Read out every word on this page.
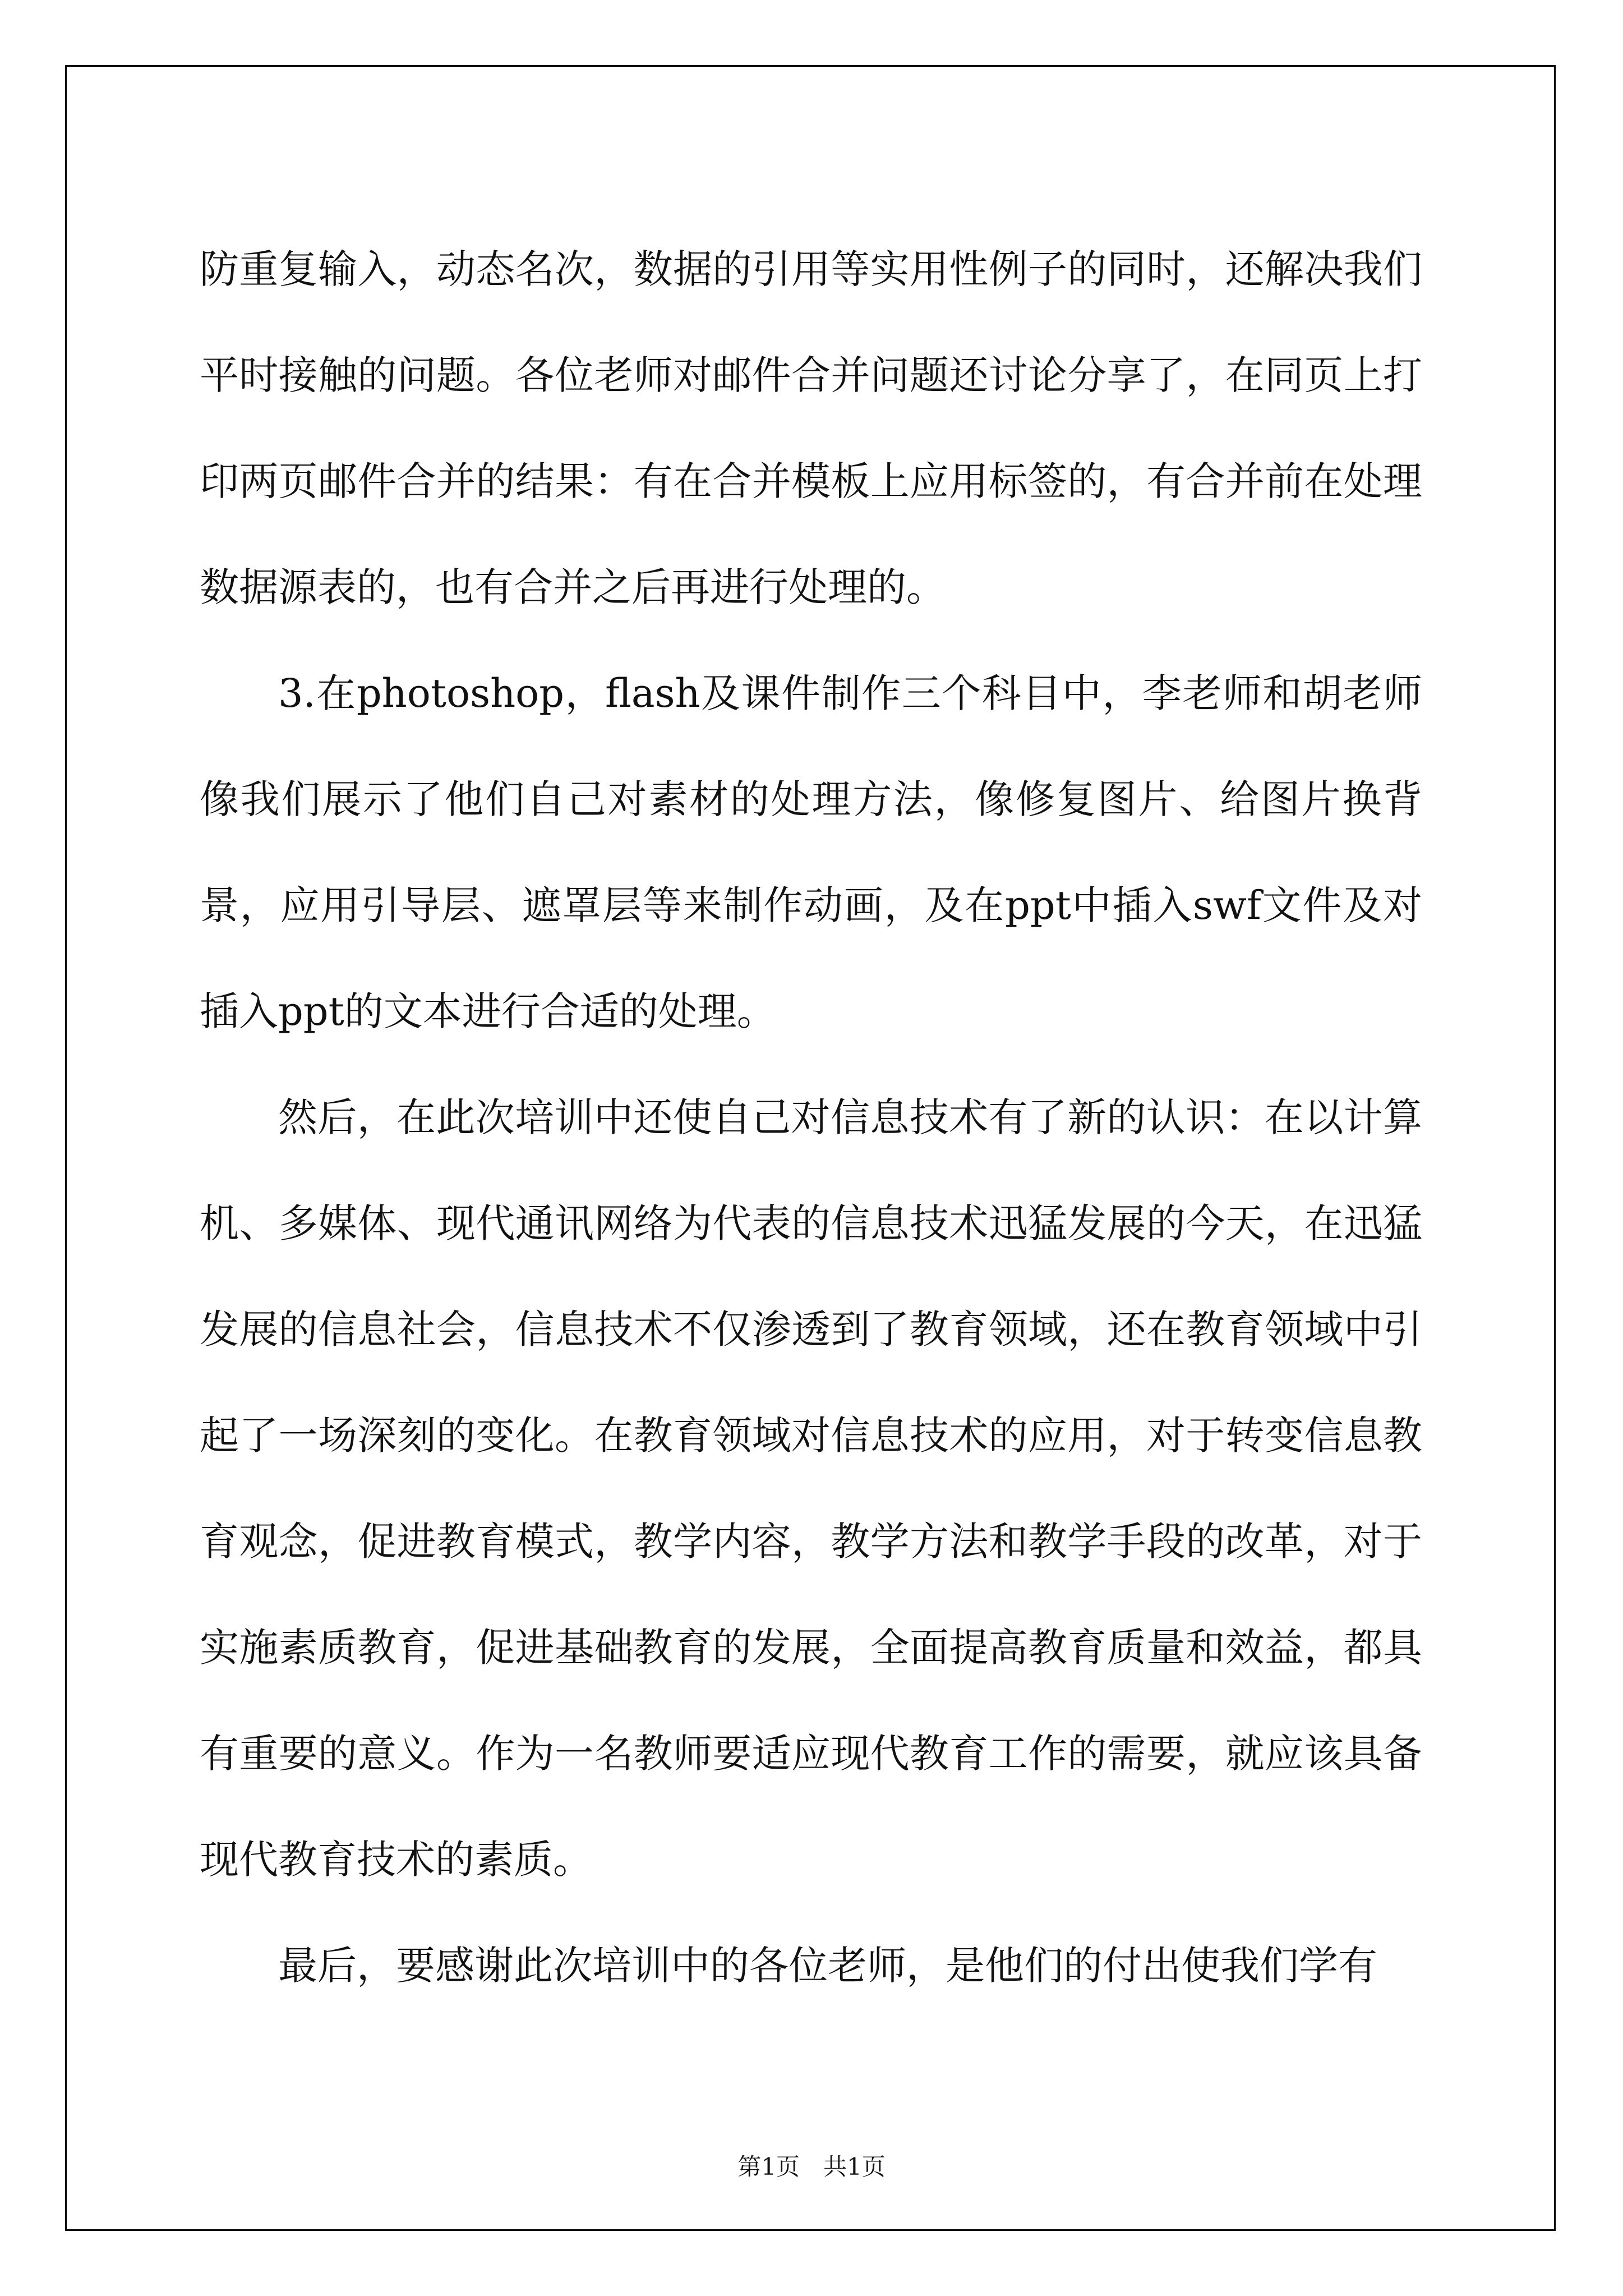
防重复输入，动态名次，数据的引用等实用性例子的同时，还解决我们平时接触的问题。各位老师对邮件合并问题还讨论分享了，在同页上打印两页邮件合并的结果：有在合并模板上应用标签的，有合并前在处理数据源表的，也有合并之后再进行处理的。

3.在photoshop，flash及课件制作三个科目中，李老师和胡老师像我们展示了他们自己对素材的处理方法，像修复图片、给图片换背景，应用引导层、遮罩层等来制作动画，及在ppt中插入swf文件及对插入ppt的文本进行合适的处理。

然后，在此次培训中还使自己对信息技术有了新的认识：在以计算机、多媒体、现代通讯网络为代表的信息技术迅猛发展的今天，在迅猛发展的信息社会，信息技术不仅渗透到了教育领域，还在教育领域中引起了一场深刻的变化。在教育领域对信息技术的应用，对于转变信息教育观念，促进教育模式，教学内容，教学方法和教学手段的改革，对于实施素质教育，促进基础教育的发展，全面提高教育质量和效益，都具有重要的意义。作为一名教师要适应现代教育工作的需要，就应该具备现代教育技术的素质。

最后，要感谢此次培训中的各位老师，是他们的付出使我们学有

第1页　共1页
